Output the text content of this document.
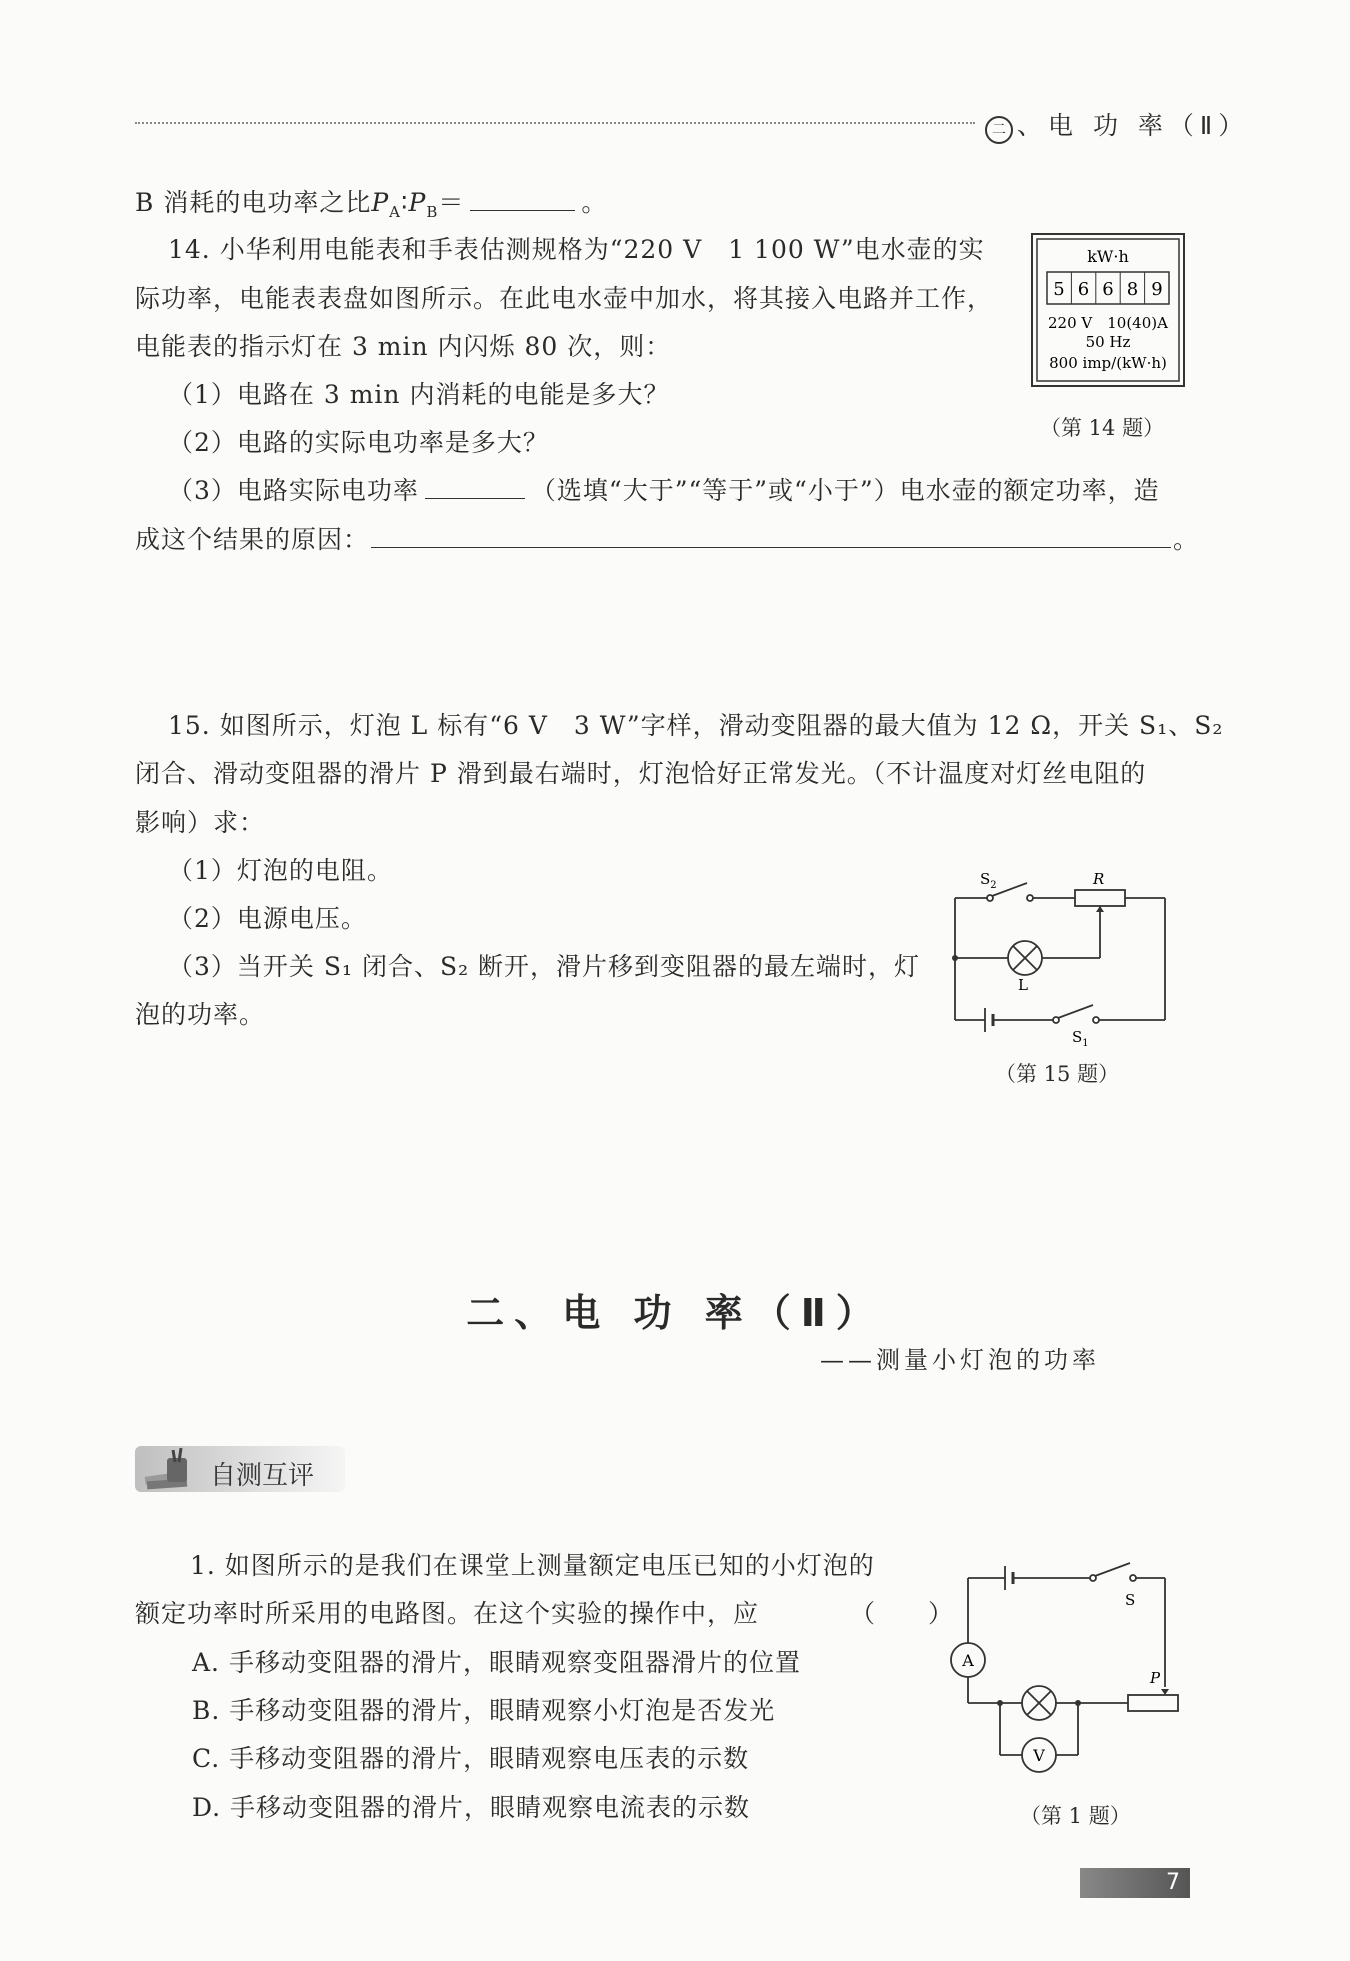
二 、电 功 率（Ⅱ）
B 消耗的电功率之比$P_A∶P_B=$	。
14. 小华利用电能表和手表估测规格为“220 V　1 100 W”电水壶的实
际功率，电能表表盘如图所示。在此电水壶中加水，将其接入电路并工作，
电能表的指示灯在 3 min 内闪烁 80 次，则：
（1）电路在 3 min 内消耗的电能是多大？
（2）电路的实际电功率是多大？
（3）电路实际电功率	（选填“大于”“等于”或“小于”）电水壶的额定功率，造
成这个结果的原因：	。
kW·h
5 6 6 8 9
220 V　10(40)A
50 Hz
800 imp/(kW·h)
（第 14 题）
15. 如图所示，灯泡 L 标有“6 V　3 W”字样，滑动变阻器的最大值为 12 Ω，开关 S₁、S₂
闭合、滑动变阻器的滑片 P 滑到最右端时，灯泡恰好正常发光。（不计温度对灯丝电阻的
影响）求：
（1）灯泡的电阻。
（2）电源电压。
（3）当开关 S₁ 闭合、S₂ 断开，滑片移到变阻器的最左端时，灯
泡的功率。
$S_2$	R
L
$S_1$
（第 15 题）
二、电 功 率（Ⅱ）
——测量小灯泡的功率
自测互评
1. 如图所示的是我们在课堂上测量额定电压已知的小灯泡的
额定功率时所采用的电路图。在这个实验的操作中，应	（　　）
A. 手移动变阻器的滑片，眼睛观察变阻器滑片的位置
B. 手移动变阻器的滑片，眼睛观察小灯泡是否发光
C. 手移动变阻器的滑片，眼睛观察电压表的示数
D. 手移动变阻器的滑片，眼睛观察电流表的示数
S
A
V
P
（第 1 题）
7
